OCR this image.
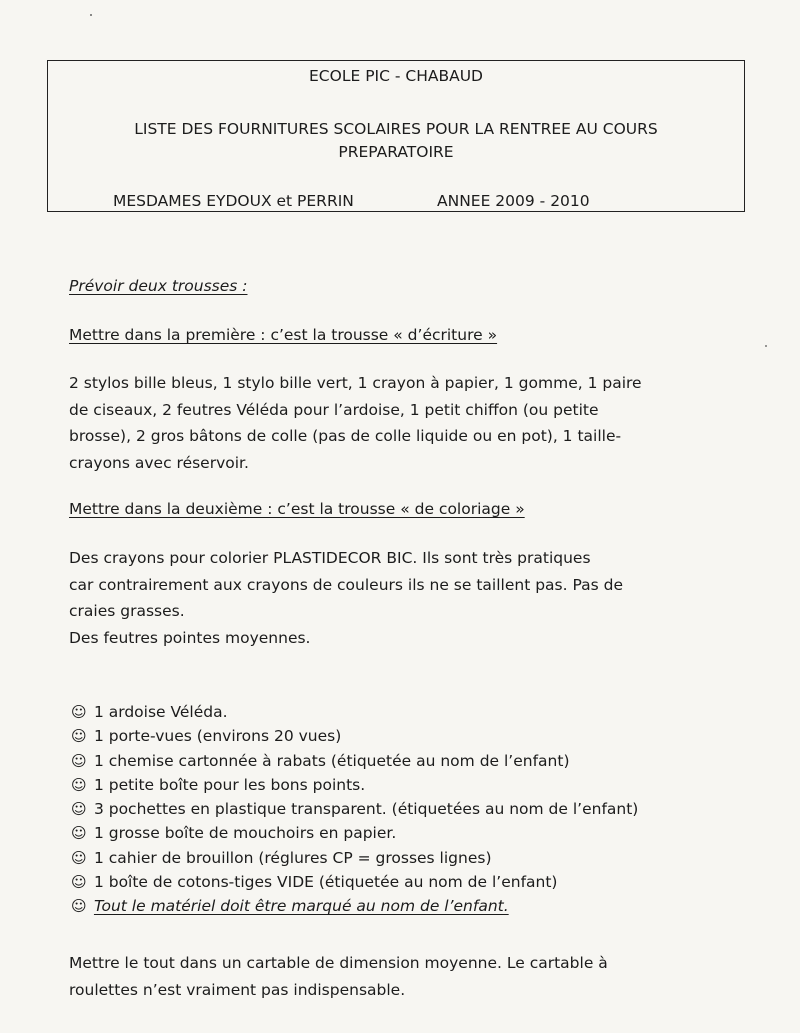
ECOLE PIC - CHABAUD
LISTE DES FOURNITURES SCOLAIRES POUR LA RENTREE AU COURS
PREPARATOIRE
MESDAMES EYDOUX et PERRIN	ANNEE 2009 - 2010
Prévoir deux trousses :
Mettre dans la première : c’est la trousse « d’écriture »
2 stylos bille bleus, 1 stylo bille vert, 1 crayon à papier, 1 gomme, 1 paire
de ciseaux, 2 feutres Véléda pour l’ardoise, 1 petit chiffon (ou petite
brosse), 2 gros bâtons de colle (pas de colle liquide ou en pot), 1 taille-
crayons avec réservoir.
Mettre dans la deuxième : c’est la trousse « de coloriage »
Des crayons pour colorier PLASTIDECOR BIC. Ils sont très pratiques
car contrairement aux crayons de couleurs ils ne se taillent pas. Pas de
craies grasses.
Des feutres pointes moyennes.
☺ 1 ardoise Véléda.
☺ 1 porte-vues (environs 20 vues)
☺ 1 chemise cartonnée à rabats (étiquetée au nom de l’enfant)
☺ 1 petite boîte pour les bons points.
☺ 3 pochettes en plastique transparent. (étiquetées au nom de l’enfant)
☺ 1 grosse boîte de mouchoirs en papier.
☺ 1 cahier de brouillon (réglures CP = grosses lignes)
☺ 1 boîte de cotons-tiges VIDE (étiquetée au nom de l’enfant)
☺ Tout le matériel doit être marqué au nom de l’enfant.
Mettre le tout dans un cartable de dimension moyenne. Le cartable à
roulettes n’est vraiment pas indispensable.
